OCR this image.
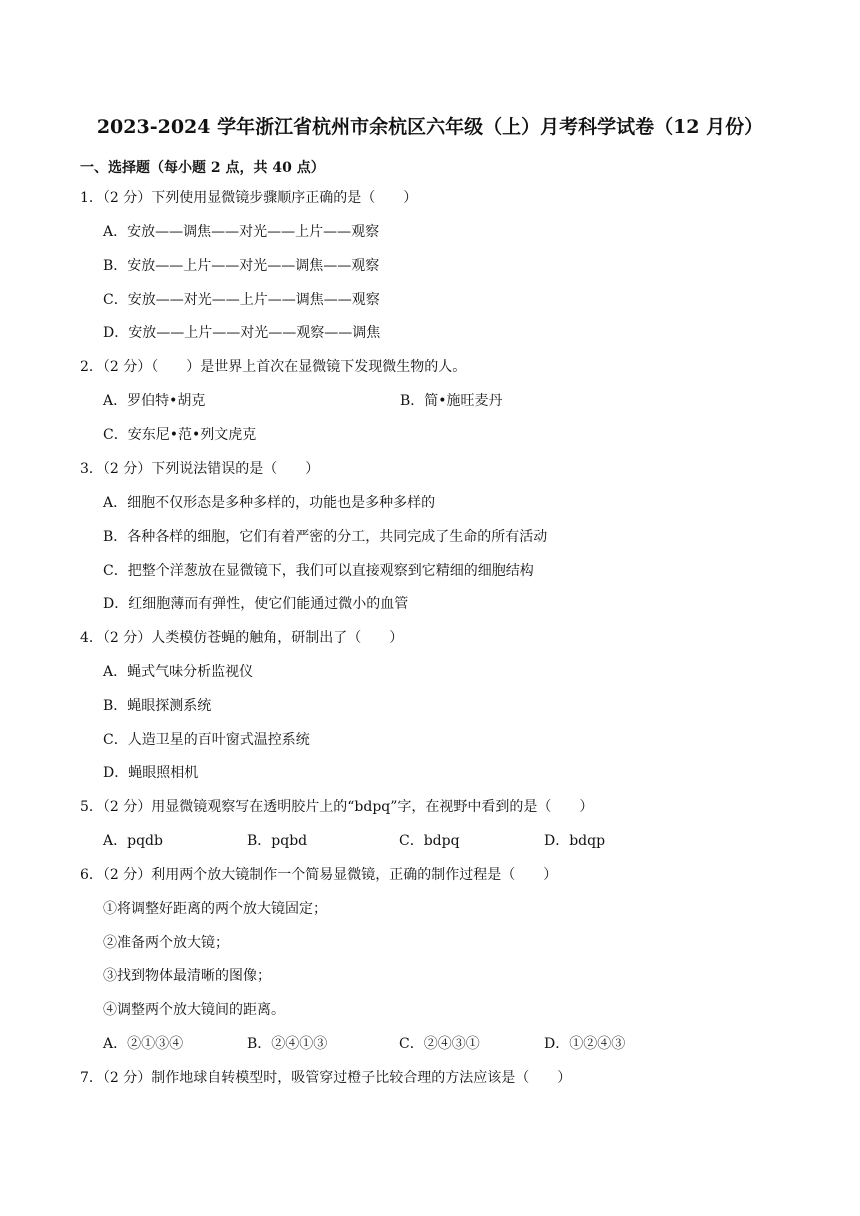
2023-2024 学年浙江省杭州市余杭区六年级（上）月考科学试卷（12 月份）
一、选择题（每小题 2 点，共 40 点）
1．（2 分）下列使用显微镜步骤顺序正确的是（　　）
A．安放——调焦——对光——上片——观察
B．安放——上片——对光——调焦——观察
C．安放——对光——上片——调焦——观察
D．安放——上片——对光——观察——调焦
2．（2 分）（　　）是世界上首次在显微镜下发现微生物的人。
A．罗伯特•胡克	B．简•施旺麦丹
C．安东尼•范•列文虎克
3．（2 分）下列说法错误的是（　　）
A．细胞不仅形态是多种多样的，功能也是多种多样的
B．各种各样的细胞，它们有着严密的分工，共同完成了生命的所有活动
C．把整个洋葱放在显微镜下，我们可以直接观察到它精细的细胞结构
D．红细胞薄而有弹性，使它们能通过微小的血管
4．（2 分）人类模仿苍蝇的触角，研制出了（　　）
A．蝇式气味分析监视仪
B．蝇眼探测系统
C．人造卫星的百叶窗式温控系统
D．蝇眼照相机
5．（2 分）用显微镜观察写在透明胶片上的“bdpq”字，在视野中看到的是（　　）
A．pqdb	B．pqbd	C．bdpq	D．bdqp
6．（2 分）利用两个放大镜制作一个简易显微镜，正确的制作过程是（　　）
①将调整好距离的两个放大镜固定；
②准备两个放大镜；
③找到物体最清晰的图像；
④调整两个放大镜间的距离。
A．②①③④	B．②④①③	C．②④③①	D．①②④③
7．（2 分）制作地球自转模型时，吸管穿过橙子比较合理的方法应该是（　　）
